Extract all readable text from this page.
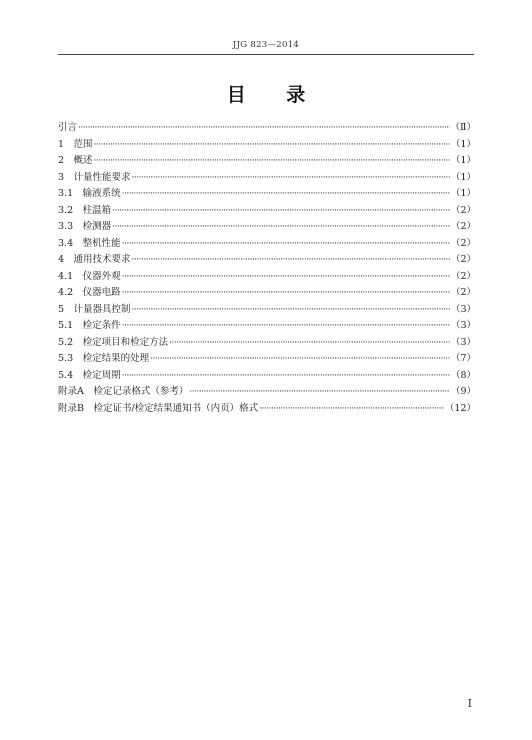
JJG 823—2014
目 录
引言 ·····	（Ⅱ）
1　范围 ·····	（1）
2　概述 ·····	（1）
3　计量性能要求 ·····	（1）
3.1　输液系统 ·····	（1）
3.2　柱温箱 ·····	（2）
3.3　检测器 ·····	（2）
3.4　整机性能 ·····	（2）
4　通用技术要求 ·····	（2）
4.1　仪器外观 ·····	（2）
4.2　仪器电路 ·····	（2）
5　计量器具控制 ·····	（3）
5.1　检定条件 ·····	（3）
5.2　检定项目和检定方法 ·····	（3）
5.3　检定结果的处理 ·····	（7）
5.4　检定周期 ·····	（8）
附录A　检定记录格式（参考） ·····	（9）
附录B　检定证书/检定结果通知书（内页）格式 ·····	（12）
Ⅰ
